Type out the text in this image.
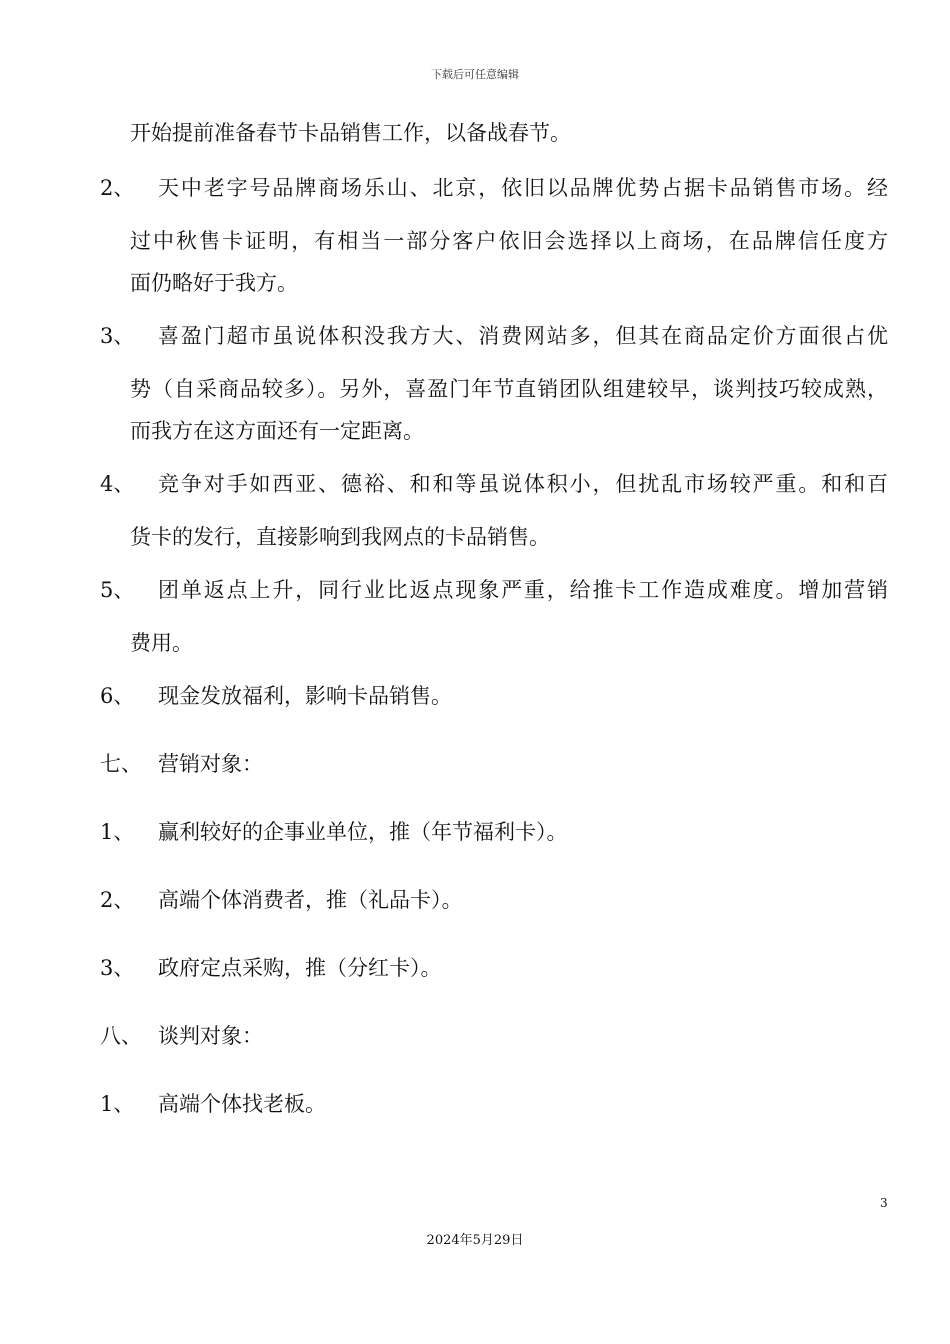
下载后可任意编辑
开始提前准备春节卡品销售工作，以备战春节。
2、 天中老字号品牌商场乐山、北京，依旧以品牌优势占据卡品销售市场。经
过中秋售卡证明，有相当一部分客户依旧会选择以上商场，在品牌信任度方
面仍略好于我方。
3、 喜盈门超市虽说体积没我方大、消费网站多，但其在商品定价方面很占优
势（自采商品较多）。另外，喜盈门年节直销团队组建较早，谈判技巧较成熟，
而我方在这方面还有一定距离。
4、 竞争对手如西亚、德裕、和和等虽说体积小，但扰乱市场较严重。和和百
货卡的发行，直接影响到我网点的卡品销售。
5、 团单返点上升，同行业比返点现象严重，给推卡工作造成难度。增加营销
费用。
6、 现金发放福利，影响卡品销售。
七、 营销对象：
1、 赢利较好的企事业单位，推（年节福利卡）。
2、 高端个体消费者，推（礼品卡）。
3、 政府定点采购，推（分红卡）。
八、 谈判对象：
1、 高端个体找老板。
3
2024年5月29日
